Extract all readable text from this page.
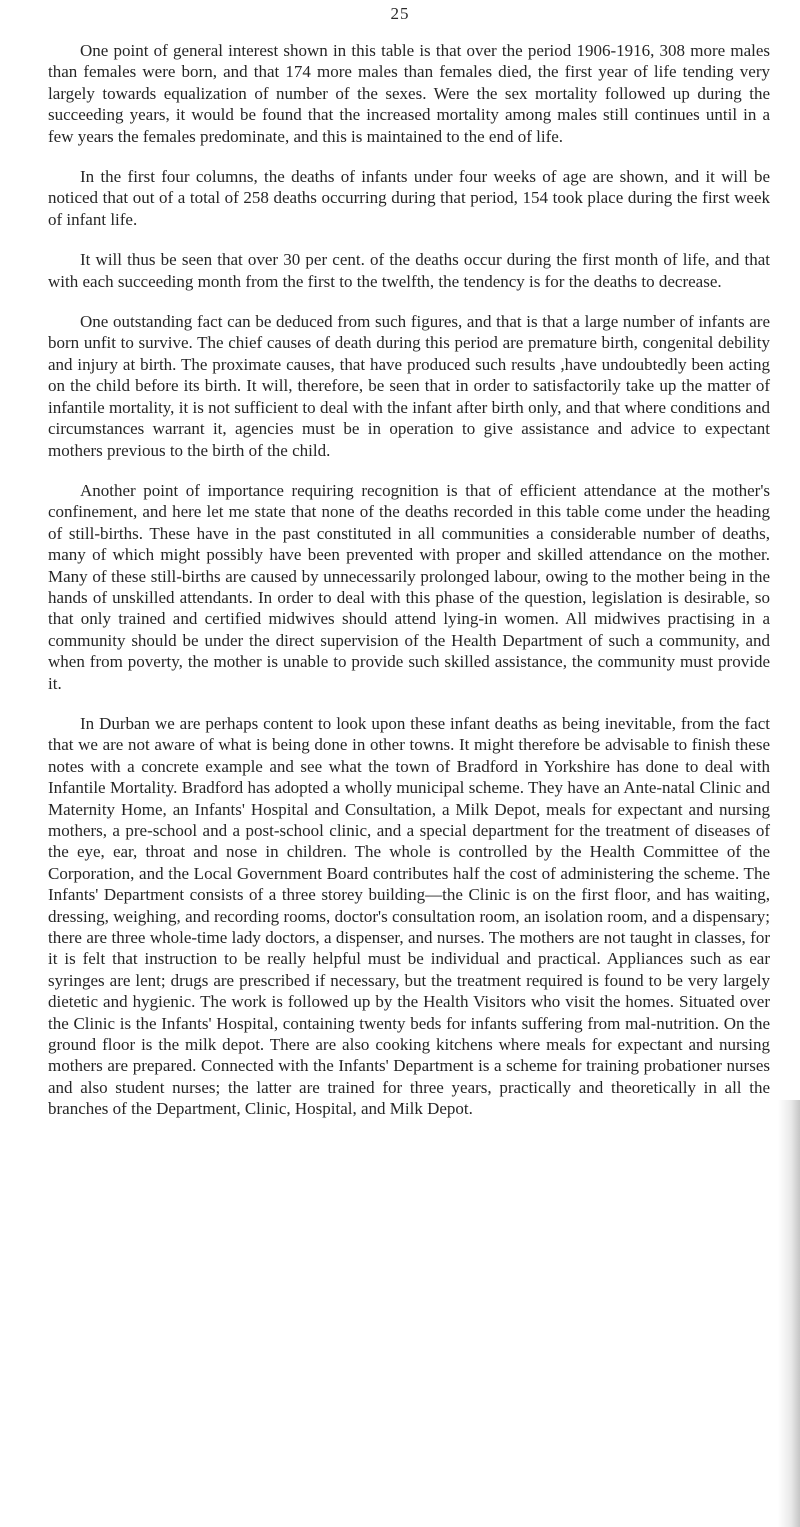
25

One point of general interest shown in this table is that over the period 1906-1916, 308 more males than females were born, and that 174 more males than females died, the first year of life tending very largely towards equalization of number of the sexes. Were the sex mortality followed up during the succeeding years, it would be found that the increased mortality among males still continues until in a few years the females predominate, and this is maintained to the end of life.

In the first four columns, the deaths of infants under four weeks of age are shown, and it will be noticed that out of a total of 258 deaths occurring during that period, 154 took place during the first week of infant life.

It will thus be seen that over 30 per cent. of the deaths occur during the first month of life, and that with each succeeding month from the first to the twelfth, the tendency is for the deaths to decrease.

One outstanding fact can be deduced from such figures, and that is that a large number of infants are born unfit to survive. The chief causes of death during this period are premature birth, congenital debility and injury at birth. The proximate causes, that have produced such results ,have undoubtedly been acting on the child before its birth. It will, therefore, be seen that in order to satisfactorily take up the matter of infantile mortality, it is not sufficient to deal with the infant after birth only, and that where conditions and circumstances warrant it, agencies must be in operation to give assistance and advice to expectant mothers previous to the birth of the child.

Another point of importance requiring recognition is that of efficient attendance at the mother's confinement, and here let me state that none of the deaths recorded in this table come under the heading of still-births. These have in the past constituted in all communities a considerable number of deaths, many of which might possibly have been prevented with proper and skilled attendance on the mother. Many of these still-births are caused by unnecessarily prolonged labour, owing to the mother being in the hands of unskilled attendants. In order to deal with this phase of the question, legislation is desirable, so that only trained and certified midwives should attend lying-in women. All midwives practising in a community should be under the direct supervision of the Health Department of such a community, and when from poverty, the mother is unable to provide such skilled assistance, the community must provide it.

In Durban we are perhaps content to look upon these infant deaths as being inevitable, from the fact that we are not aware of what is being done in other towns. It might therefore be advisable to finish these notes with a concrete example and see what the town of Bradford in Yorkshire has done to deal with Infantile Mortality. Bradford has adopted a wholly municipal scheme. They have an Ante-natal Clinic and Maternity Home, an Infants' Hospital and Consultation, a Milk Depot, meals for expectant and nursing mothers, a pre-school and a post-school clinic, and a special department for the treatment of diseases of the eye, ear, throat and nose in children. The whole is controlled by the Health Committee of the Corporation, and the Local Government Board contributes half the cost of administering the scheme. The Infants' Department consists of a three storey building—the Clinic is on the first floor, and has waiting, dressing, weighing, and recording rooms, doctor's consultation room, an isolation room, and a dispensary; there are three whole-time lady doctors, a dispenser, and nurses. The mothers are not taught in classes, for it is felt that instruction to be really helpful must be individual and practical. Appliances such as ear syringes are lent; drugs are prescribed if necessary, but the treatment required is found to be very largely dietetic and hygienic. The work is followed up by the Health Visitors who visit the homes. Situated over the Clinic is the Infants' Hospital, containing twenty beds for infants suffering from mal-nutrition. On the ground floor is the milk depot. There are also cooking kitchens where meals for expectant and nursing mothers are prepared. Connected with the Infants' Department is a scheme for training probationer nurses and also student nurses; the latter are trained for three years, practically and theoretically in all the branches of the Department, Clinic, Hospital, and Milk Depot.
